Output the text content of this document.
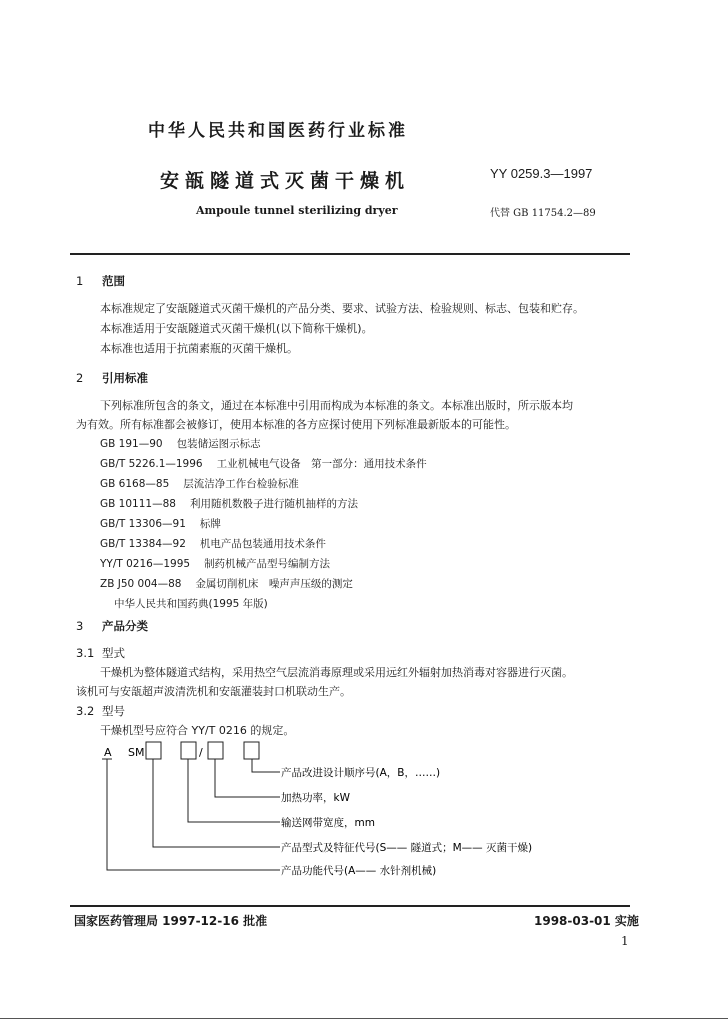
中华人民共和国医药行业标准
安瓿隧道式灭菌干燥机	YY 0259.3—1997
Ampoule tunnel sterilizing dryer	代替 GB 11754.2—89
1 范围
本标准规定了安瓿隧道式灭菌干燥机的产品分类、要求、试验方法、检验规则、标志、包装和贮存。
本标准适用于安瓿隧道式灭菌干燥机(以下简称干燥机)。
本标准也适用于抗菌素瓶的灭菌干燥机。
2 引用标准
下列标准所包含的条文，通过在本标准中引用而构成为本标准的条文。本标准出版时，所示版本均
为有效。所有标准都会被修订，使用本标准的各方应探讨使用下列标准最新版本的可能性。
GB 191—90 包装储运图示标志
GB/T 5226.1—1996 工业机械电气设备　第一部分：通用技术条件
GB 6168—85 层流洁净工作台检验标准
GB 10111—88 利用随机数骰子进行随机抽样的方法
GB/T 13306—91 标牌
GB/T 13384—92 机电产品包装通用技术条件
YY/T 0216—1995 制药机械产品型号编制方法
ZB J50 004—88 金属切削机床　噪声声压级的测定
中华人民共和国药典(1995 年版)
3 产品分类
3.1 型式
干燥机为整体隧道式结构，采用热空气层流消毒原理或采用远红外辐射加热消毒对容器进行灭菌。
该机可与安瓿超声波清洗机和安瓿灌装封口机联动生产。
3.2 型号
干燥机型号应符合 YY/T 0216 的规定。
A SM	/
产品改进设计顺序号(A，B，……)
加热功率，kW
输送网带宽度，mm
产品型式及特征代号(S—— 隧道式；M—— 灭菌干燥)
产品功能代号(A—— 水针剂机械)
国家医药管理局 1997-12-16 批准	1998-03-01 实施
1
